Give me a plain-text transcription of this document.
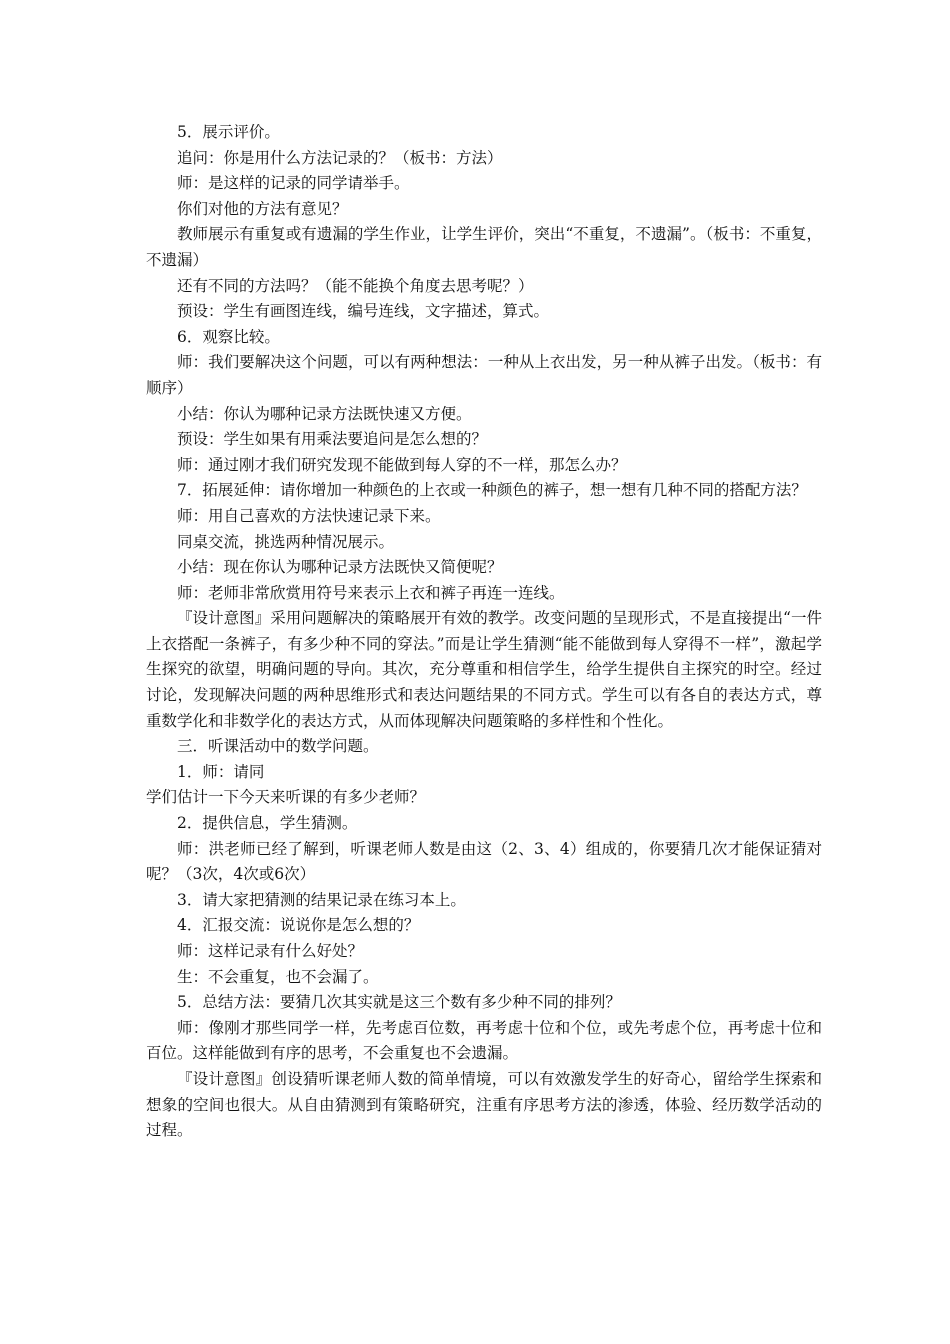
5．展示评价。

追问：你是用什么方法记录的？（板书：方法）

师：是这样的记录的同学请举手。

你们对他的方法有意见？

教师展示有重复或有遗漏的学生作业，让学生评价，突出“不重复，不遗漏”。（板书：不重复，不遗漏）

还有不同的方法吗？（能不能换个角度去思考呢？）

预设：学生有画图连线，编号连线，文字描述，算式。

6．观察比较。

师：我们要解决这个问题，可以有两种想法：一种从上衣出发，另一种从裤子出发。（板书：有顺序）

小结：你认为哪种记录方法既快速又方便。

预设：学生如果有用乘法要追问是怎么想的？

师：通过刚才我们研究发现不能做到每人穿的不一样，那怎么办？

7．拓展延伸：请你增加一种颜色的上衣或一种颜色的裤子，想一想有几种不同的搭配方法？

师：用自己喜欢的方法快速记录下来。

同桌交流，挑选两种情况展示。

小结：现在你认为哪种记录方法既快又简便呢？

师：老师非常欣赏用符号来表示上衣和裤子再连一连线。

『设计意图』采用问题解决的策略展开有效的教学。改变问题的呈现形式，不是直接提出“一件上衣搭配一条裤子，有多少种不同的穿法。”而是让学生猜测“能不能做到每人穿得不一样”，激起学生探究的欲望，明确问题的导向。其次，充分尊重和相信学生，给学生提供自主探究的时空。经过讨论，发现解决问题的两种思维形式和表达问题结果的不同方式。学生可以有各自的表达方式，尊重数学化和非数学化的表达方式，从而体现解决问题策略的多样性和个性化。

三．听课活动中的数学问题。

1．师：请同

学们估计一下今天来听课的有多少老师？

2．提供信息，学生猜测。

师：洪老师已经了解到，听课老师人数是由这（2、3、4）组成的，你要猜几次才能保证猜对呢？（3次，4次或6次）

3．请大家把猜测的结果记录在练习本上。

4．汇报交流：说说你是怎么想的？

师：这样记录有什么好处？

生：不会重复，也不会漏了。

5．总结方法：要猜几次其实就是这三个数有多少种不同的排列？

师：像刚才那些同学一样，先考虑百位数，再考虑十位和个位，或先考虑个位，再考虑十位和百位。这样能做到有序的思考，不会重复也不会遗漏。

『设计意图』创设猜听课老师人数的简单情境，可以有效激发学生的好奇心，留给学生探索和想象的空间也很大。从自由猜测到有策略研究，注重有序思考方法的渗透，体验、经历数学活动的过程。
